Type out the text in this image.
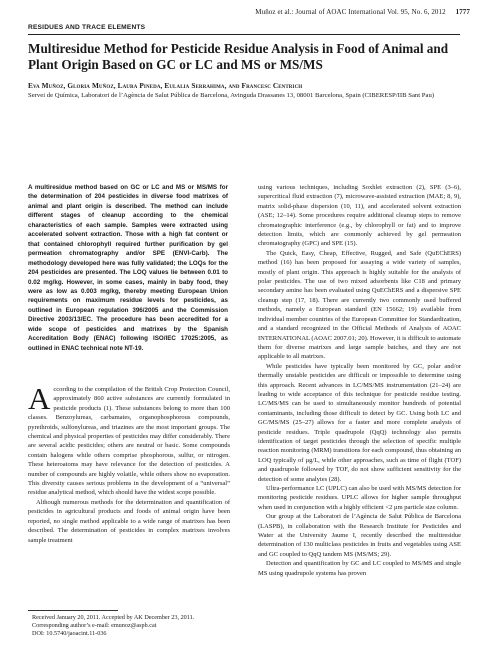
Muñoz et al.: Journal of AOAC International Vol. 95, No. 6, 2012 1777
RESIDUES AND TRACE ELEMENTS
Multiresidue Method for Pesticide Residue Analysis in Food of Animal and Plant Origin Based on GC or LC and MS or MS/MS
Eva Muñoz, Gloria Muñoz, Laura Pineda, Eulalia Serrahima, and Francesc Centrich
Servei de Química, Laboratori de l’Agència de Salut Pública de Barcelona, Avinguda Drassanes 13, 08001 Barcelona, Spain (CIBERESP/IIB Sant Pau)
A multiresidue method based on GC or LC and MS or MS/MS for the determination of 204 pesticides in diverse food matrixes of animal and plant origin is described. The method can include different stages of cleanup according to the chemical characteristics of each sample. Samples were extracted using accelerated solvent extraction. Those with a high fat content or that contained chlorophyll required further purification by gel permeation chromatography and/or SPE (ENVI-Carb). The methodology developed here was fully validated; the LOQs for the 204 pesticides are presented. The LOQ values lie between 0.01 to 0.02 mg/kg. However, in some cases, mainly in baby food, they were as low as 0.003 mg/kg, thereby meeting European Union requirements on maximum residue levels for pesticides, as outlined in European regulation 396/2005 and the Commission Directive 2003/13/EC. The procedure has been accredited for a wide scope of pesticides and matrixes by the Spanish Accreditation Body (ENAC) following ISO/IEC 17025:2005, as outlined in ENAC technical note NT-19.

According to the compilation of the British Crop Protection Council, approximately 860 active substances are currently formulated in pesticide products (1). These substances belong to more than 100 classes. Benzoylureas, carbamates, organophosphorous compounds, pyrethroids, sulfonylureas, and triazines are the most important groups. The chemical and physical properties of pesticides may differ considerably. There are several acidic pesticides; others are neutral or basic. Some compounds contain halogens while others comprise phosphorous, sulfur, or nitrogen. These heteroatoms may have relevance for the detection of pesticides. A number of compounds are highly volatile, while others show no evaporation. This diversity causes serious problems in the development of a “universal” residue analytical method, which should have the widest scope possible.

Although numerous methods for the determination and quantification of pesticides in agricultural products and foods of animal origin have been reported, no single method applicable to a wide range of matrixes has been described. The determination of pesticides in complex matrixes involves sample treatment

using various techniques, including Soxhlet extraction (2), SPE (3–6), supercritical fluid extraction (7), microwave-assisted extraction (MAE; 8, 9), matrix solid-phase dispersion (10, 11), and accelerated solvent extraction (ASE; 12–14). Some procedures require additional cleanup steps to remove chromatographic interference (e.g., by chlorophyll or fat) and to improve detection limits, which are commonly achieved by gel permeation chromatography (GPC) and SPE (15).

The Quick, Easy, Cheap, Effective, Rugged, and Safe (QuEChERS) method (16) has been proposed for assaying a wide variety of samples, mostly of plant origin. This approach is highly suitable for the analysis of polar pesticides. The use of two mixed adsorbents like C18 and primary secondary amine has been evaluated using QuEChERS and a dispersive SPE cleanup step (17, 18). There are currently two commonly used buffered methods, namely a European standard (EN 15662; 19) available from individual member countries of the European Committee for Standardization, and a standard recognized in the Official Methods of Analysis of AOAC INTERNATIONAL (AOAC 2007.01; 20). However, it is difficult to automate them for diverse matrixes and large sample batches, and they are not applicable to all matrixes.

While pesticides have typically been monitored by GC, polar and/or thermally unstable pesticides are difficult or impossible to determine using this approach. Recent advances in LC/MS/MS instrumentation (21–24) are leading to wide acceptance of this technique for pesticide residue testing. LC/MS/MS can be used to simultaneously monitor hundreds of potential contaminants, including those difficult to detect by GC. Using both LC and GC/MS/MS (25–27) allows for a faster and more complete analysis of pesticide residues. Triple quadrupole (QqQ) technology also permits identification of target pesticides through the selection of specific multiple reaction monitoring (MRM) transitions for each compound, thus obtaining an LOQ typically of µg/L, while other approaches, such as time of flight (TOF) and quadrupole followed by TOF, do not show sufficient sensitivity for the detection of some analytes (28).

Ultra-performance LC (UPLC) can also be used with MS/MS detection for monitoring pesticide residues. UPLC allows for higher sample throughput when used in conjunction with a highly efficient <2 µm particle size column.

Our group at the Laboratori de l’Agència de Salut Pública de Barcelona (LASPB), in collaboration with the Research Institute for Pesticides and Water at the University Jaume I, recently described the multiresidue determination of 130 multiclass pesticides in fruits and vegetables using ASE and GC coupled to QqQ tandem MS (MS/MS; 29).

Detection and quantification by GC and LC coupled to MS/MS and single MS using quadrupole systems has proven

Received January 20, 2011. Accepted by AK December 23, 2011.
Corresponding author’s e-mail: emunoz@aspb.cat
DOI: 10.5740/jaoacint.11-036
